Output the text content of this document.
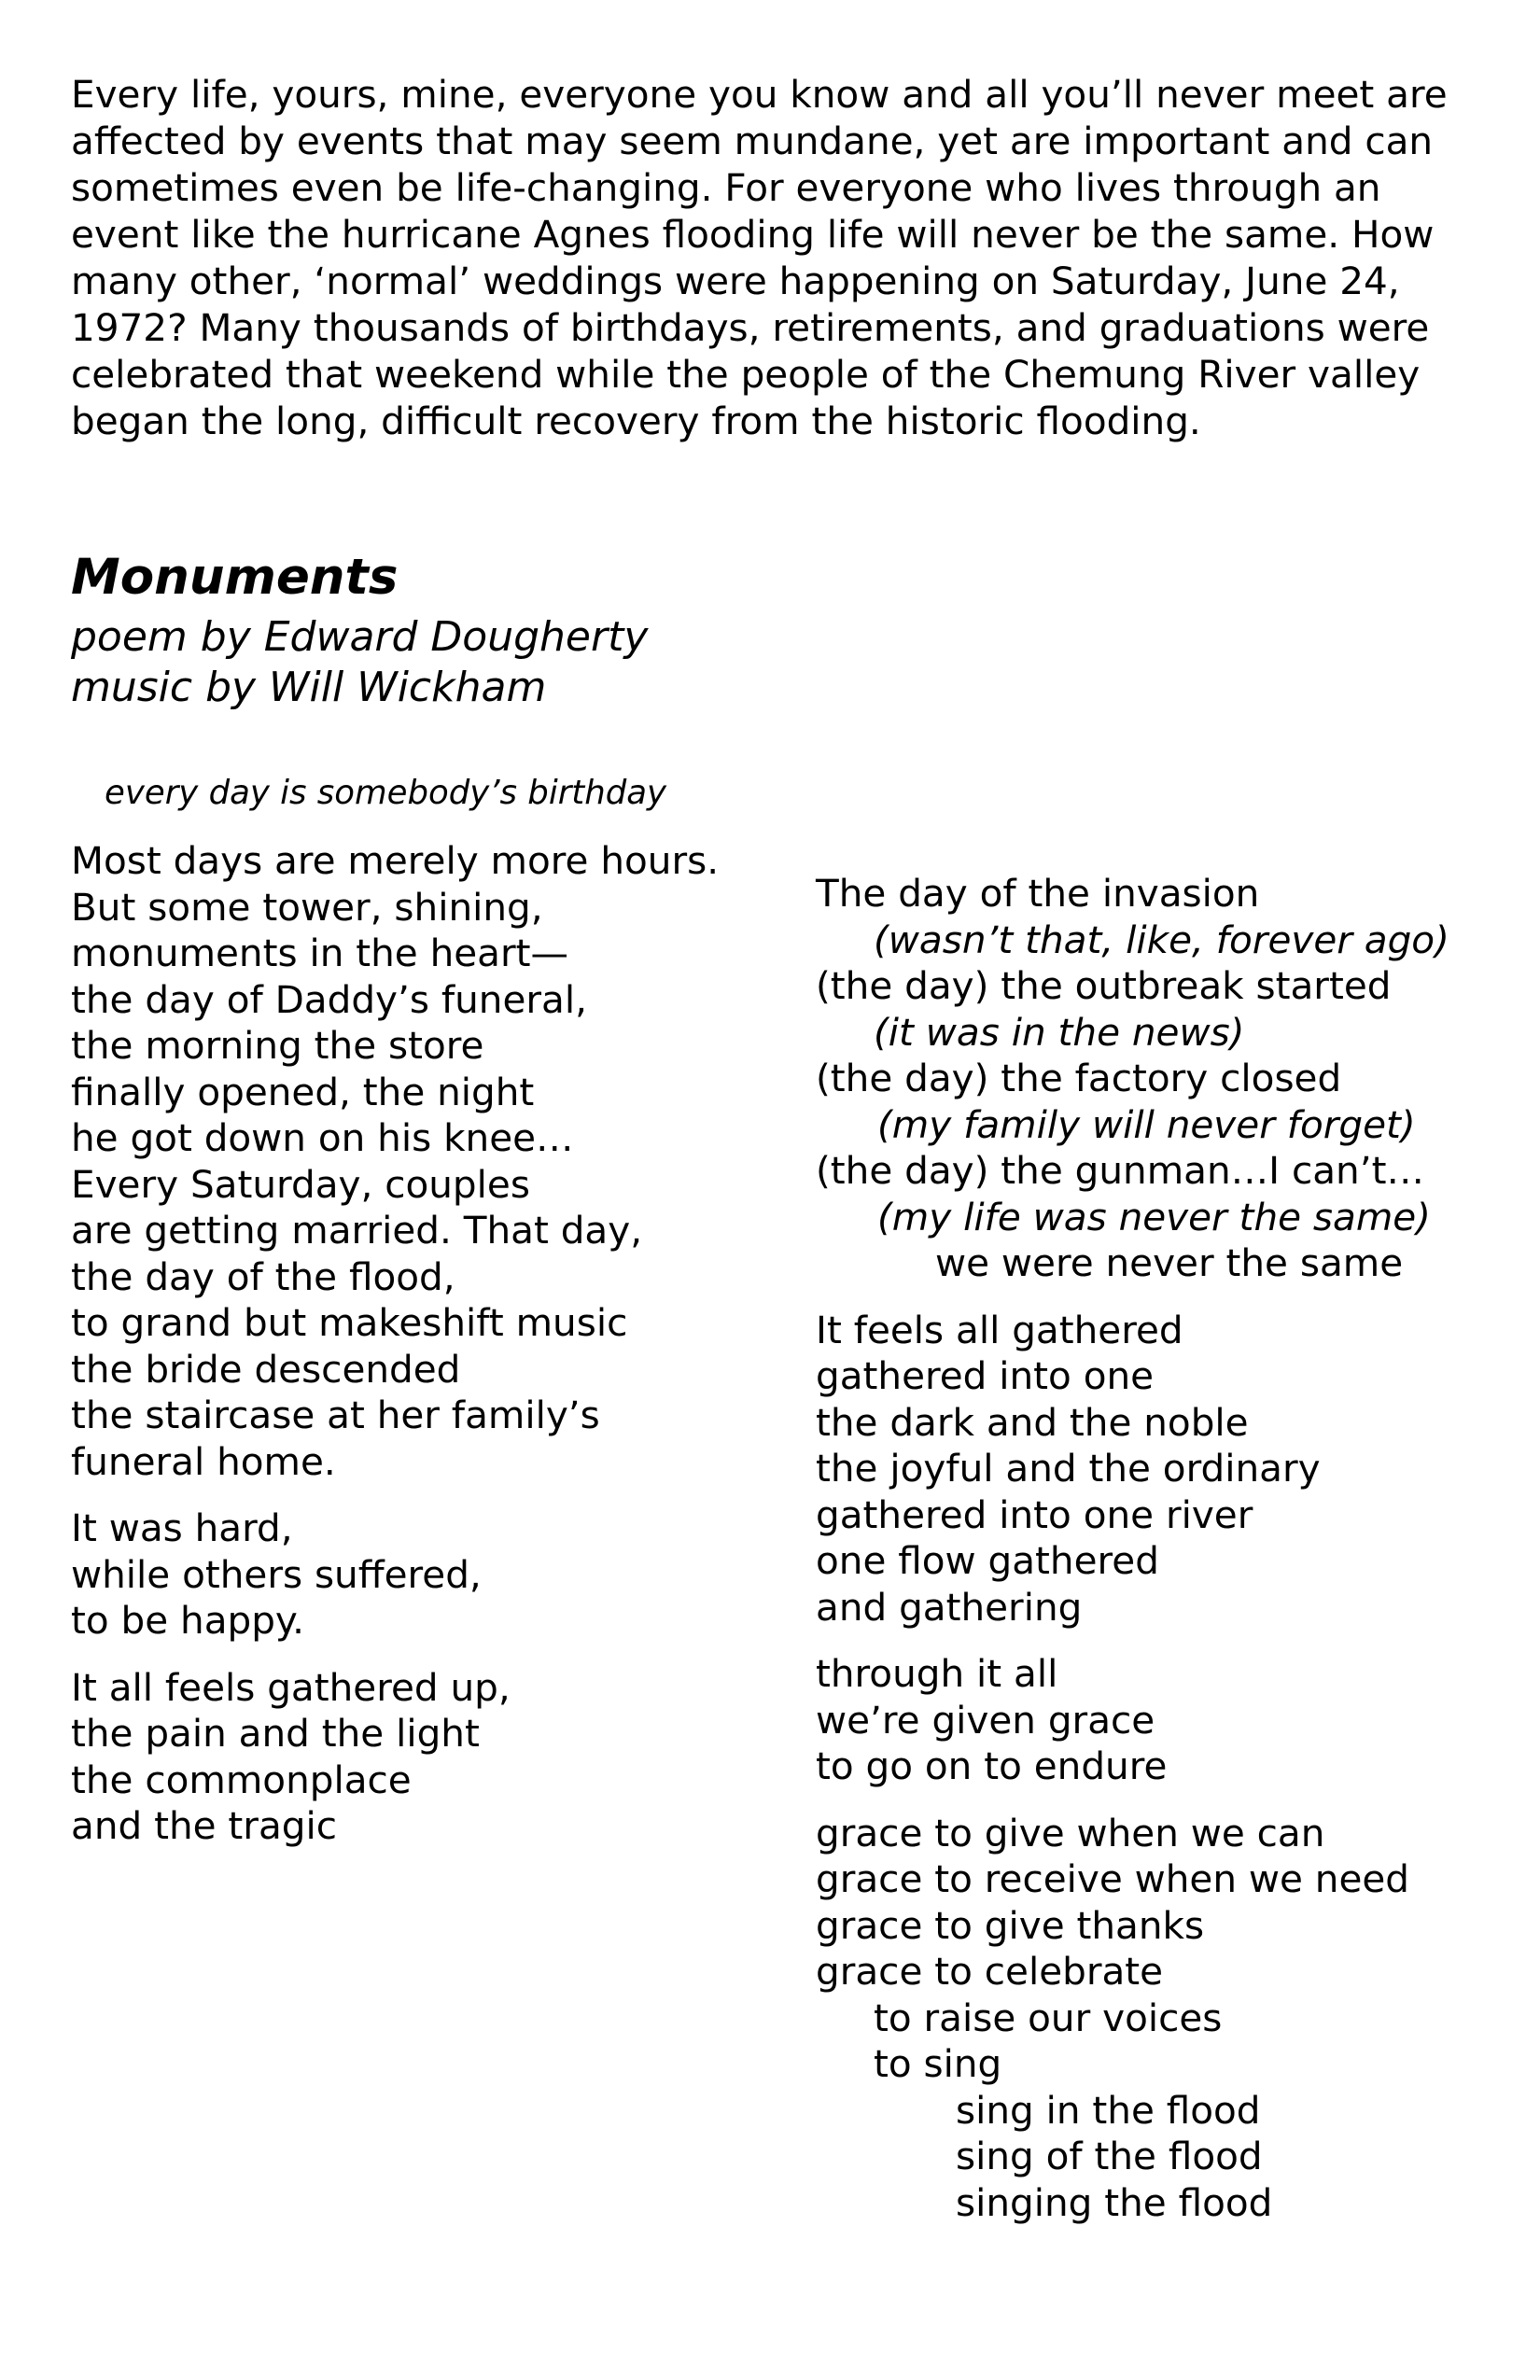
Every life, yours, mine, everyone you know and all you’ll never meet are
affected by events that may seem mundane, yet are important and can
sometimes even be life-changing. For everyone who lives through an
event like the hurricane Agnes flooding life will never be the same. How
many other, ‘normal’ weddings were happening on Saturday, June 24,
1972? Many thousands of birthdays, retirements, and graduations were
celebrated that weekend while the people of the Chemung River valley
began the long, difficult recovery from the historic flooding.
Monuments
poem by Edward Dougherty
music by Will Wickham
every day is somebody’s birthday
Most days are merely more hours.
But some tower, shining,
monuments in the heart—
the day of Daddy’s funeral,
the morning the store
finally opened, the night
he got down on his knee…
Every Saturday, couples
are getting married. That day,
the day of the flood,
to grand but makeshift music
the bride descended
the staircase at her family’s
funeral home.
It was hard,
while others suffered,
to be happy.
It all feels gathered up,
the pain and the light
the commonplace
and the tragic
The day of the invasion
(wasn’t that, like, forever ago)
(the day) the outbreak started
(it was in the news)
(the day) the factory closed
(my family will never forget)
(the day) the gunman…I can’t…
(my life was never the same)
we were never the same
It feels all gathered
gathered into one
the dark and the noble
the joyful and the ordinary
gathered into one river
one flow gathered
and gathering
through it all
we’re given grace
to go on to endure
grace to give when we can
grace to receive when we need
grace to give thanks
grace to celebrate
to raise our voices
to sing
sing in the flood
sing of the flood
singing the flood
